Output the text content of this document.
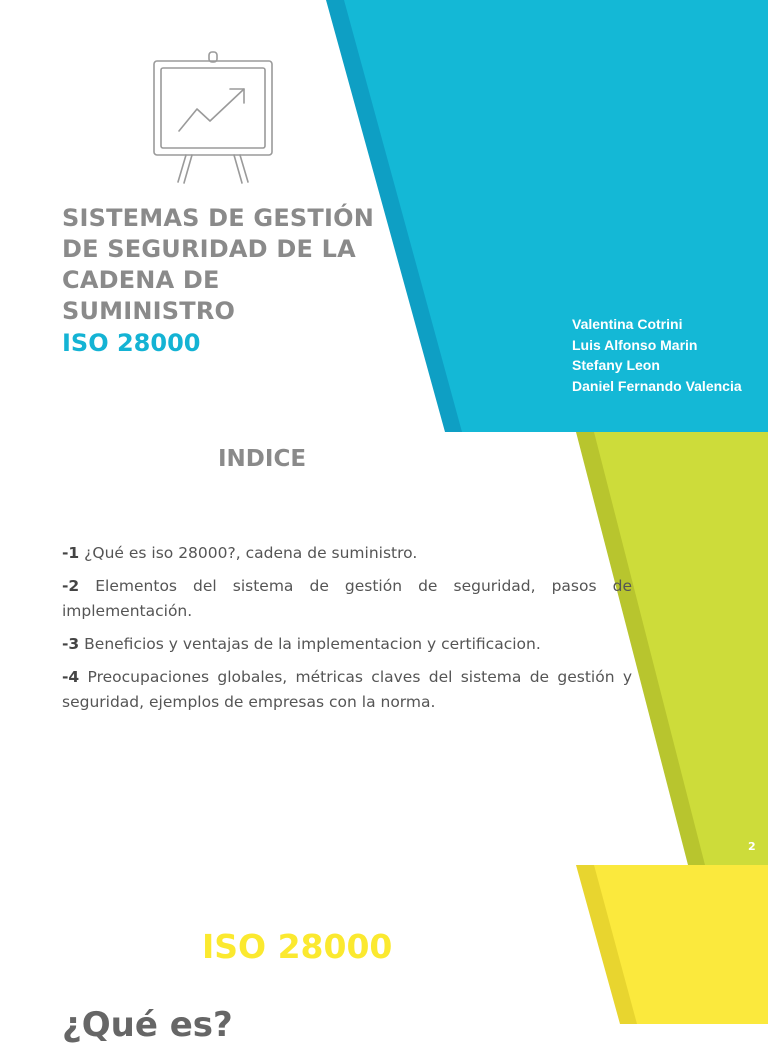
SISTEMAS DE GESTIÓN DE SEGURIDAD DE LA CADENA DE SUMINISTRO
ISO 28000
Valentina Cotrini
Luis Alfonso Marin
Stefany Leon
Daniel Fernando Valencia
INDICE
-1 ¿Qué es iso 28000?, cadena de suministro.
-2 Elementos del sistema de gestión de seguridad, pasos de implementación.
-3 Beneficios y ventajas de la implementacion y certificacion.
-4 Preocupaciones globales, métricas claves del sistema de gestión y seguridad, ejemplos de empresas con la norma.

2

ISO 28000
¿Qué es?
